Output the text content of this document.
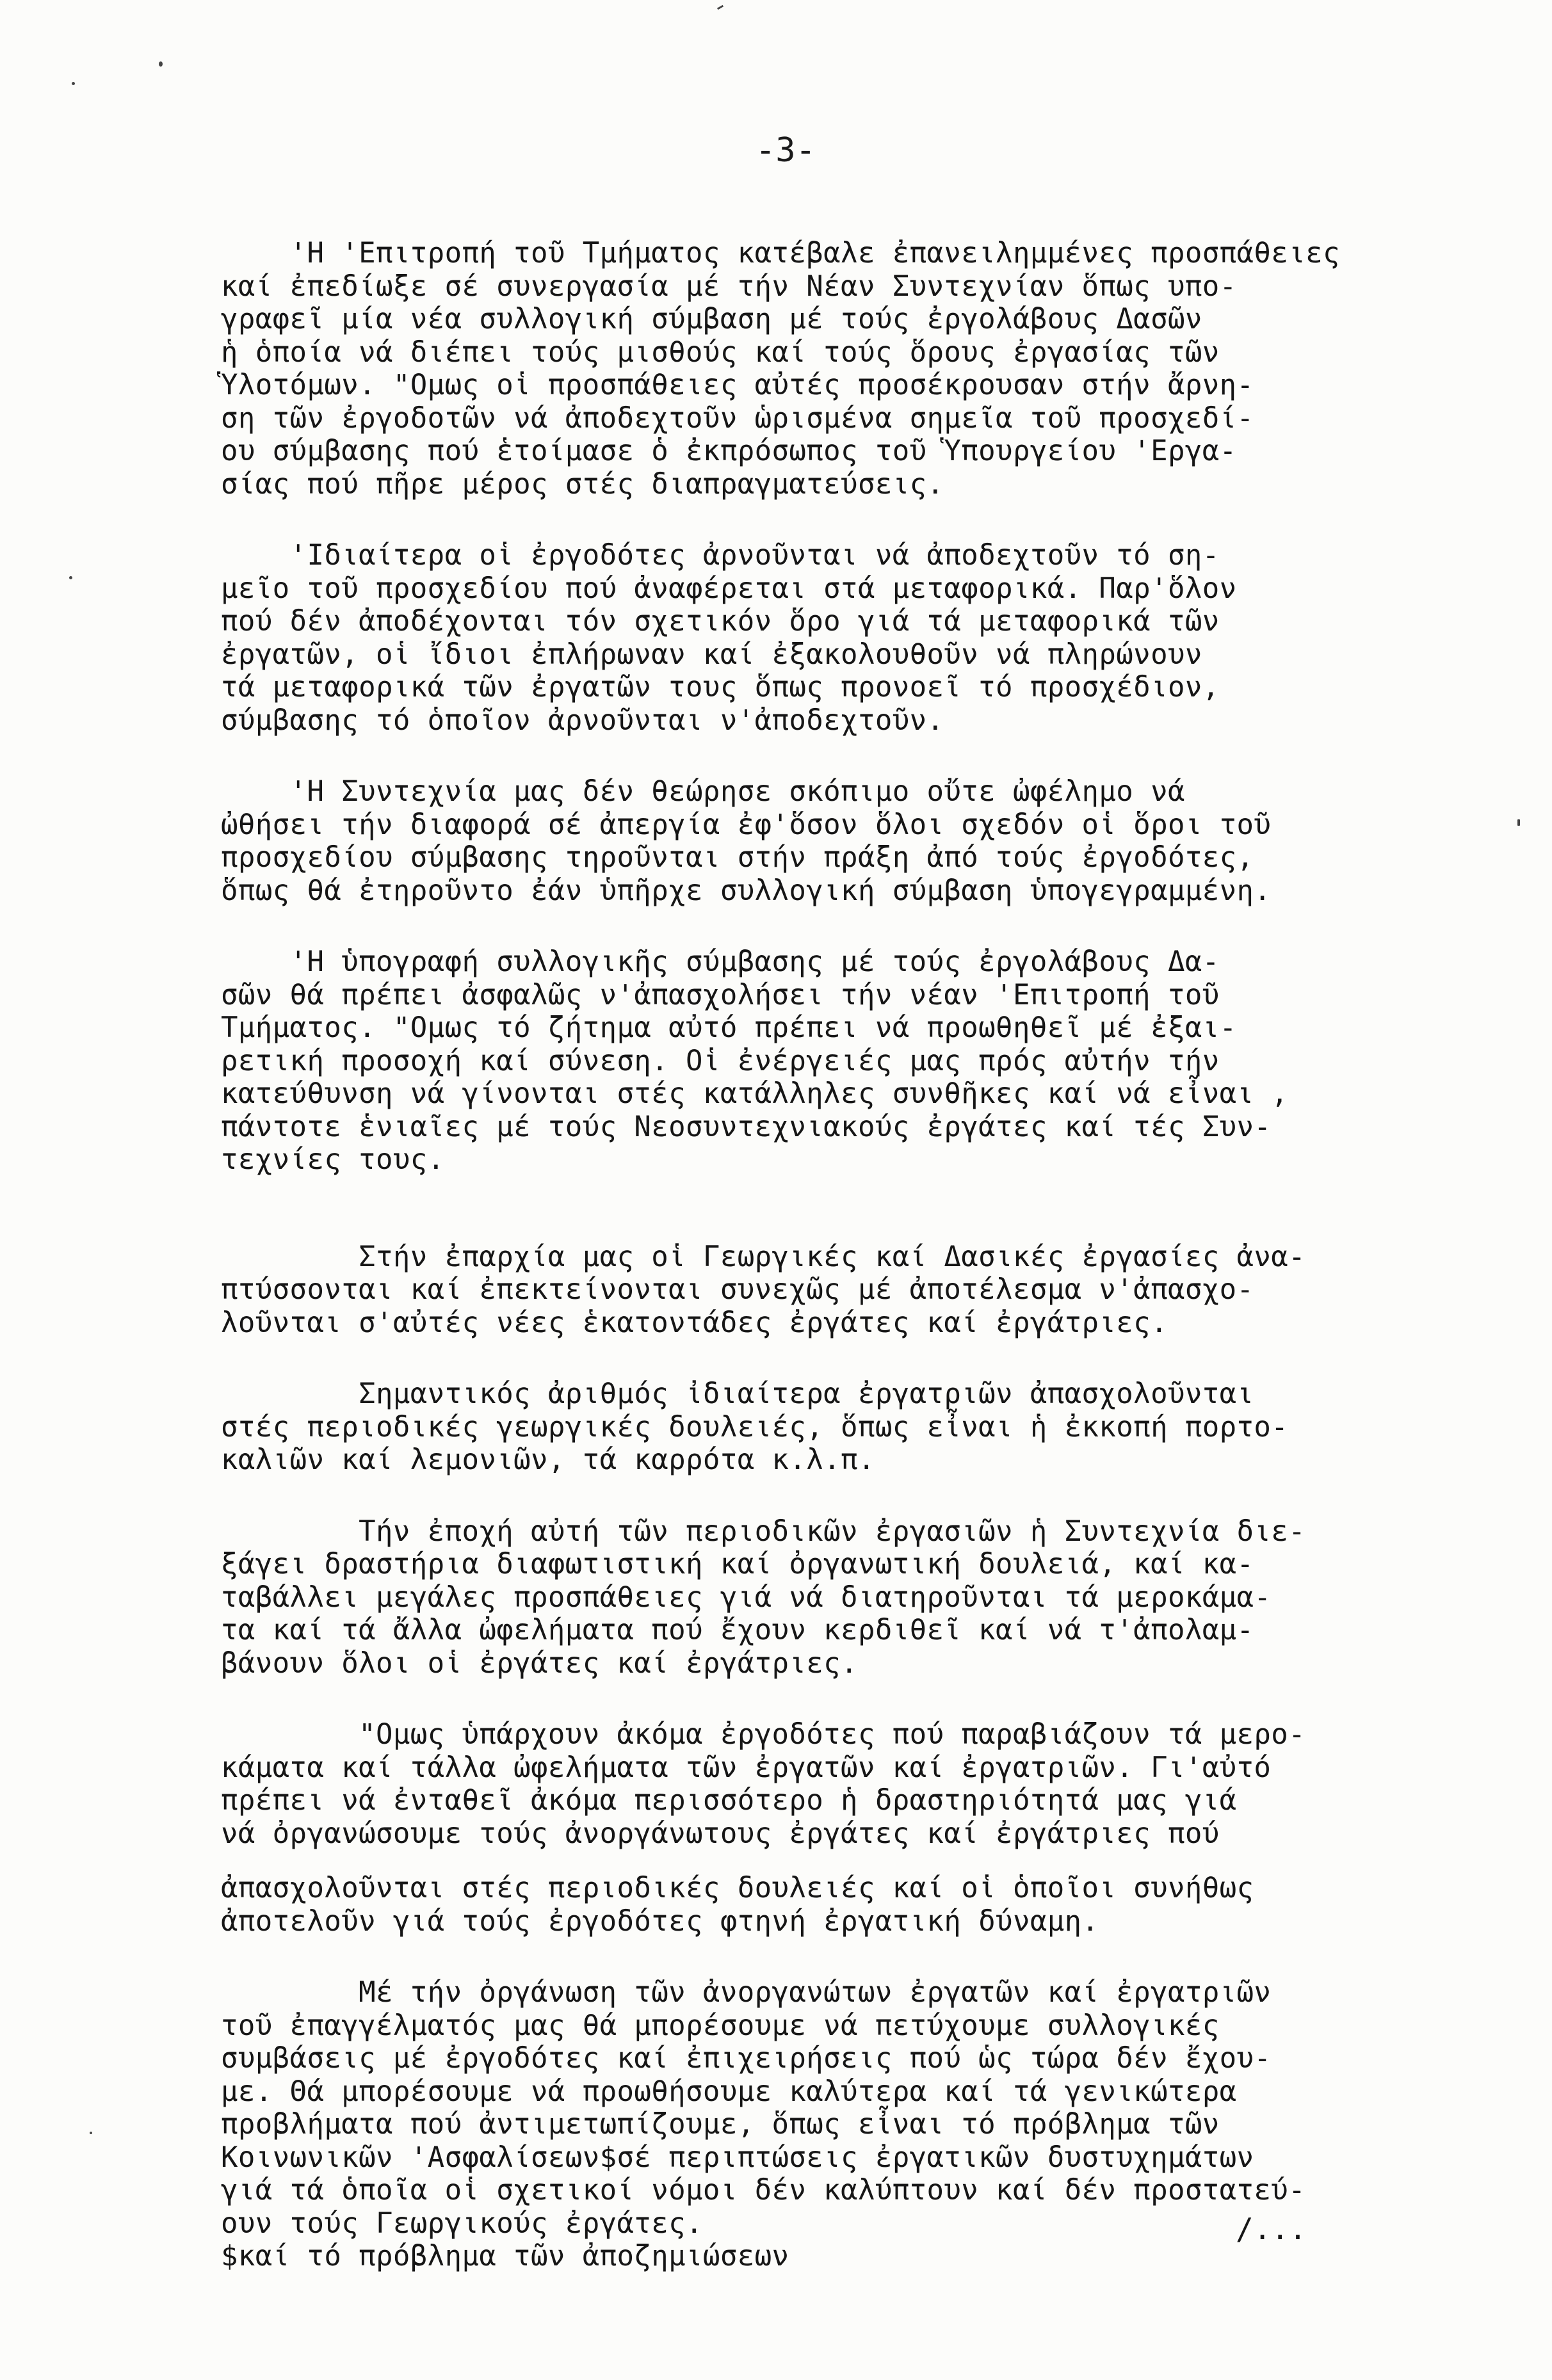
-3-

'Η 'Επιτροπή τοῦ Τμήματος κατέβαλε ἐπανειλημμένες προσπάθειες
καί ἐπεδίωξε σέ συνεργασία μέ τήν Νέαν Συντεχνίαν ὅπως υπο-
γραφεῖ μία νέα συλλογική σύμβαση μέ τούς ἐργολάβους Δασῶν
ἡ ὁποία νά διέπει τούς μισθούς καί τούς ὅρους ἐργασίας τῶν
Ὑλοτόμων. "Ομως οἱ προσπάθειες αὐτές προσέκρουσαν στήν ἄρνη-
ση τῶν ἐργοδοτῶν νά ἀποδεχτοῦν ὡρισμένα σημεῖα τοῦ προσχεδί-
ου σύμβασης πού ἑτοίμασε ὁ ἐκπρόσωπος τοῦ Ὑπουργείου 'Εργα-
σίας πού πῆρε μέρος στές διαπραγματεύσεις.

'Ιδιαίτερα οἱ ἐργοδότες ἀρνοῦνται νά ἀποδεχτοῦν τό ση-
μεῖο τοῦ προσχεδίου πού ἀναφέρεται στά μεταφορικά. Παρ'ὅλον
πού δέν ἀποδέχονται τόν σχετικόν ὅρο γιά τά μεταφορικά τῶν
ἐργατῶν, οἱ ἴδιοι ἐπλήρωναν καί ἐξακολουθοῦν νά πληρώνουν
τά μεταφορικά τῶν ἐργατῶν τους ὅπως προνοεῖ τό προσχέδιον,
σύμβασης τό ὁποῖον ἀρνοῦνται ν'ἀποδεχτοῦν.

'Η Συντεχνία μας δέν θεώρησε σκόπιμο οὔτε ὠφέλημο νά
ὠθήσει τήν διαφορά σέ ἀπεργία ἐφ'ὅσον ὅλοι σχεδόν οἱ ὅροι τοῦ
προσχεδίου σύμβασης τηροῦνται στήν πράξη ἀπό τούς ἐργοδότες,
ὅπως θά ἐτηροῦντο ἐάν ὑπῆρχε συλλογική σύμβαση ὑπογεγραμμένη.

'Η ὑπογραφή συλλογικῆς σύμβασης μέ τούς ἐργολάβους Δα-
σῶν θά πρέπει ἀσφαλῶς ν'ἀπασχολήσει τήν νέαν 'Επιτροπή τοῦ
Τμήματος. "Ομως τό ζήτημα αὐτό πρέπει νά προωθηθεῖ μέ ἐξαι-
ρετική προσοχή καί σύνεση. Οἱ ἐνέργειές μας πρός αὐτήν τήν
κατεύθυνση νά γίνονται στές κατάλληλες συνθῆκες καί νά εἶναι ,
πάντοτε ἑνιαῖες μέ τούς Νεοσυντεχνιακούς ἐργάτες καί τές Συν-
τεχνίες τους.

Στήν ἐπαρχία μας οἱ Γεωργικές καί Δασικές ἐργασίες ἀνα-
πτύσσονται καί ἐπεκτείνονται συνεχῶς μέ ἀποτέλεσμα ν'ἀπασχο-
λοῦνται σ'αὐτές νέες ἑκατοντάδες ἐργάτες καί ἐργάτριες.

Σημαντικός ἀριθμός ἰδιαίτερα ἐργατριῶν ἀπασχολοῦνται
στές περιοδικές γεωργικές δουλειές, ὅπως εἶναι ἡ ἐκκοπή πορτο-
καλιῶν καί λεμονιῶν, τά καρρότα κ.λ.π.

Τήν ἐποχή αὐτή τῶν περιοδικῶν ἐργασιῶν ἡ Συντεχνία διε-
ξάγει δραστήρια διαφωτιστική καί ὀργανωτική δουλειά, καί κα-
ταβάλλει μεγάλες προσπάθειες γιά νά διατηροῦνται τά μεροκάμα-
τα καί τά ἄλλα ὠφελήματα πού ἔχουν κερδιθεῖ καί νά τ'ἀπολαμ-
βάνουν ὅλοι οἱ ἐργάτες καί ἐργάτριες.

"Ομως ὑπάρχουν ἀκόμα ἐργοδότες πού παραβιάζουν τά μερο-
κάματα καί τάλλα ὠφελήματα τῶν ἐργατῶν καί ἐργατριῶν. Γι'αὐτό
πρέπει νά ἐνταθεῖ ἀκόμα περισσότερο ἡ δραστηριότητά μας γιά
νά ὀργανώσουμε τούς ἀνοργάνωτους ἐργάτες καί ἐργάτριες πού

ἀπασχολοῦνται στές περιοδικές δουλειές καί οἱ ὁποῖοι συνήθως
ἀποτελοῦν γιά τούς ἐργοδότες φτηνή ἐργατική δύναμη.

Μέ τήν ὀργάνωση τῶν ἀνοργανώτων ἐργατῶν καί ἐργατριῶν
τοῦ ἐπαγγέλματός μας θά μπορέσουμε νά πετύχουμε συλλογικές
συμβάσεις μέ ἐργοδότες καί ἐπιχειρήσεις πού ὡς τώρα δέν ἔχου-
με. Θά μπορέσουμε νά προωθήσουμε καλύτερα καί τά γενικώτερα
προβλήματα πού ἀντιμετωπίζουμε, ὅπως εἶναι τό πρόβλημα τῶν
Κοινωνικῶν 'Ασφαλίσεων$σέ περιπτώσεις ἐργατικῶν δυστυχημάτων
γιά τά ὁποῖα οἱ σχετικοί νόμοι δέν καλύπτουν καί δέν προστατεύ-
ουν τούς Γεωργικούς ἐργάτες.

$καί τό πρόβλημα τῶν ἀποζημιώσεων

/...
